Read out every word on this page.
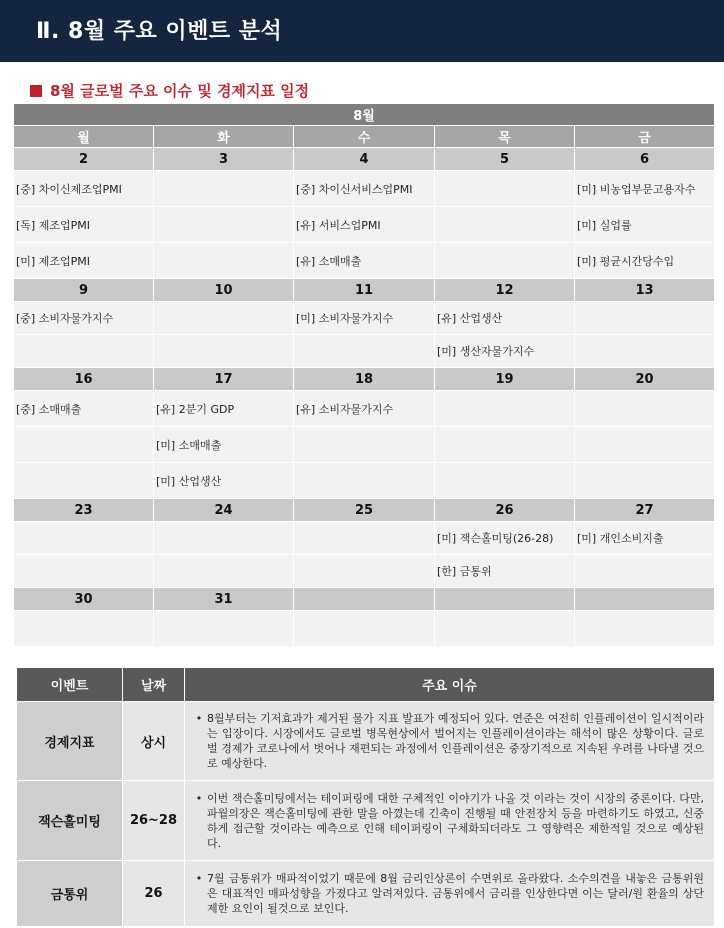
Ⅱ. 8월 주요 이벤트 분석
8월 글로벌 주요 이슈 및 경제지표 일정
8월				
월	화	수	목	금
2	3	4	5	6
[중] 차이신제조업PMI		[중] 차이신서비스업PMI		[미] 비농업부문고용자수
[독] 제조업PMI		[유] 서비스업PMI		[미] 실업률
[미] 제조업PMI		[유] 소매매출		[미] 평균시간당수입
9	10	11	12	13
[중] 소비자물가지수		[미] 소비자물가지수	[유] 산업생산	
			[미] 생산자물가지수	
16	17	18	19	20
[중] 소매매출	[유] 2분기 GDP	[유] 소비자물가지수		
	[미] 소매매출			
	[미] 산업생산			
23	24	25	26	27
			[미] 잭슨홀미팅(26-28)	[미] 개인소비지출
			[한] 금통위	
30	31			

이벤트	날짜	주요 이슈
경제지표	상시	• 8월부터는 기저효과가 제거된 물가 지표 발표가 예정되어 있다. 연준은 여전히 인플레이션이 일시적이라는 입장이다. 시장에서도 글로벌 병목현상에서 벌어지는 인플레이션이라는 해석이 많은 상황이다. 글로벌 경제가 코로나에서 벗어나 재편되는 과정에서 인플레이션은 중장기적으로 지속된 우려를 나타낼 것으로 예상한다.

잭슨홀미팅	26~28	• 이번 잭슨홀미팅에서는 테이퍼링에 대한 구체적인 이야기가 나올 것 이라는 것이 시장의 중론이다. 다만, 파월의장은 잭슨홀미팅에 관한 말을 아꼈는데 긴축이 진행될 때 안전장치 등을 마련하기도 하였고, 신중하게 접근할 것이라는 예측으로 인해 테이퍼링이 구체화되더라도 그 영향력은 제한적일 것으로 예상된다.

금통위	26	• 7월 금통위가 매파적이었기 때문에 8월 금리인상론이 수면위로 올라왔다. 소수의견을 내놓은 금통위원은 대표적인 매파성향을 가졌다고 알려져있다. 금통위에서 금리를 인상한다면 이는 달러/원 환율의 상단 제한 요인이 될것으로 보인다.
